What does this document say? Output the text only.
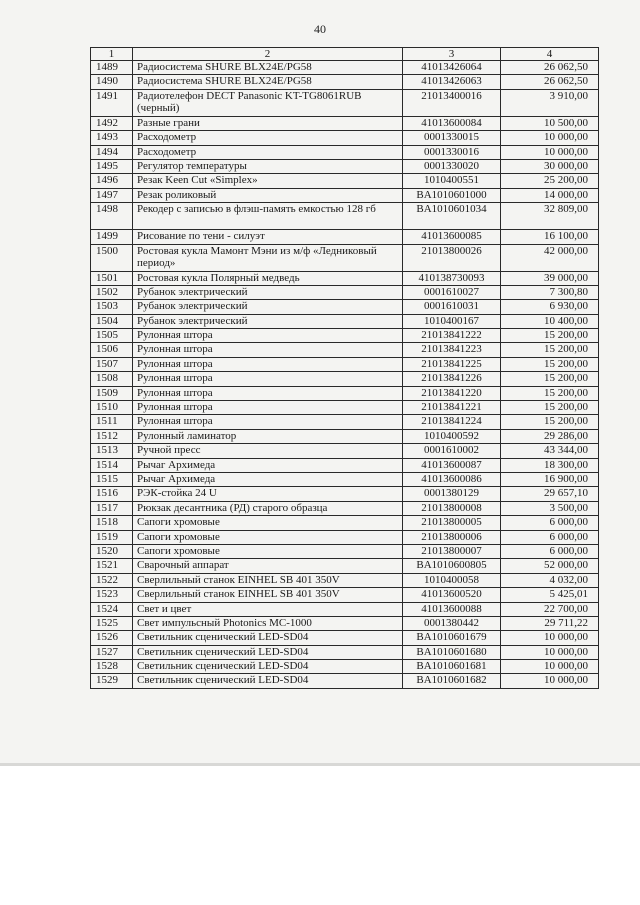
40
1	2	3	4
1489	Радиосистема SHURE BLX24E/PG58	41013426064	26 062,50
1490	Радиосистема SHURE BLX24E/PG58	41013426063	26 062,50
1491	Радиотелефон DECT Panasonic KT-TG8061RUB (черный)	21013400016	3 910,00
1492	Разные грани	41013600084	10 500,00
1493	Расходометр	0001330015	10 000,00
1494	Расходометр	0001330016	10 000,00
1495	Регулятор температуры	0001330020	30 000,00
1496	Резак Keen Cut «Simplex»	1010400551	25 200,00
1497	Резак роликовый	BA1010601000	14 000,00
1498	Рекодер с записью в флэш-память емкостью 128 гб	BA1010601034	32 809,00
1499	Рисование по тени - силуэт	41013600085	16 100,00
1500	Ростовая кукла Мамонт Мэни из м/ф «Ледниковый период»	21013800026	42 000,00
1501	Ростовая кукла Полярный медведь	410138730093	39 000,00
1502	Рубанок электрический	0001610027	7 300,80
1503	Рубанок электрический	0001610031	6 930,00
1504	Рубанок электрический	1010400167	10 400,00
1505	Рулонная штора	21013841222	15 200,00
1506	Рулонная штора	21013841223	15 200,00
1507	Рулонная штора	21013841225	15 200,00
1508	Рулонная штора	21013841226	15 200,00
1509	Рулонная штора	21013841220	15 200,00
1510	Рулонная штора	21013841221	15 200,00
1511	Рулонная штора	21013841224	15 200,00
1512	Рулонный ламинатор	1010400592	29 286,00
1513	Ручной пресс	0001610002	43 344,00
1514	Рычаг Архимеда	41013600087	18 300,00
1515	Рычаг Архимеда	41013600086	16 900,00
1516	РЭК-стойка 24 U	0001380129	29 657,10
1517	Рюкзак десантника (РД) старого образца	21013800008	3 500,00
1518	Сапоги хромовые	21013800005	6 000,00
1519	Сапоги хромовые	21013800006	6 000,00
1520	Сапоги хромовые	21013800007	6 000,00
1521	Сварочный аппарат	BA1010600805	52 000,00
1522	Сверлильный станок EINHEL SB 401 350V	1010400058	4 032,00
1523	Сверлильный станок EINHEL SB 401 350V	41013600520	5 425,01
1524	Свет и цвет	41013600088	22 700,00
1525	Свет импульсный Photonics MC-1000	0001380442	29 711,22
1526	Светильник сценический LED-SD04	BA1010601679	10 000,00
1527	Светильник сценический LED-SD04	BA1010601680	10 000,00
1528	Светильник сценический LED-SD04	BA1010601681	10 000,00
1529	Светильник сценический LED-SD04	BA1010601682	10 000,00
